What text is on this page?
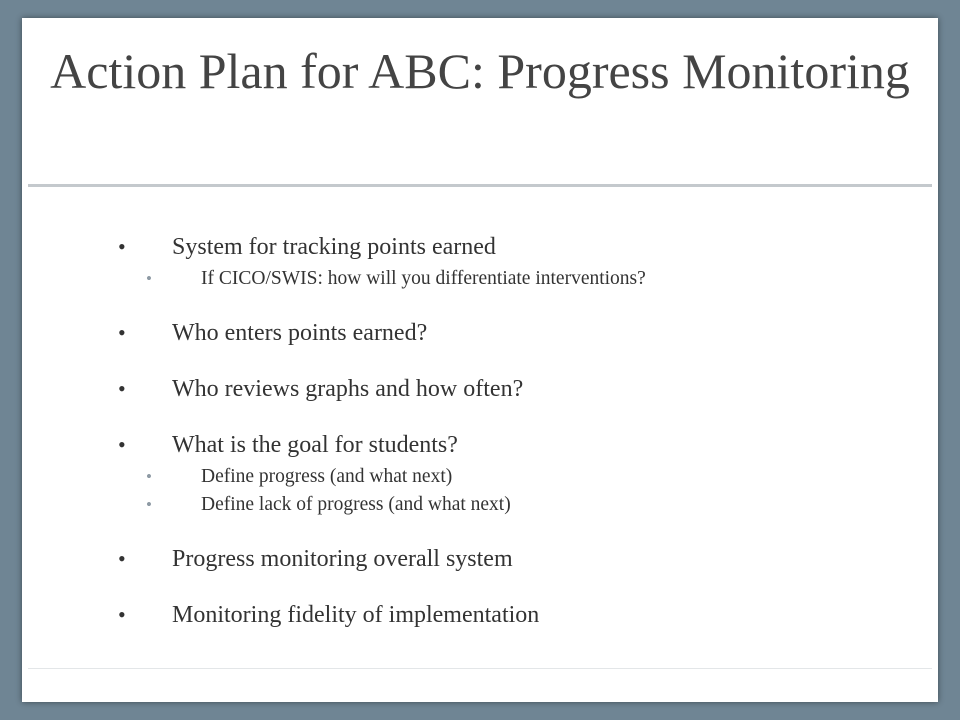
Action Plan for ABC: Progress Monitoring
• System for tracking points earned
•	If CICO/SWIS: how will you differentiate interventions?
• Who enters points earned?
• Who reviews graphs and how often?
• What is the goal for students?
•	Define progress (and what next)
•	Define lack of progress (and what next)
• Progress monitoring overall system
• Monitoring fidelity of implementation
